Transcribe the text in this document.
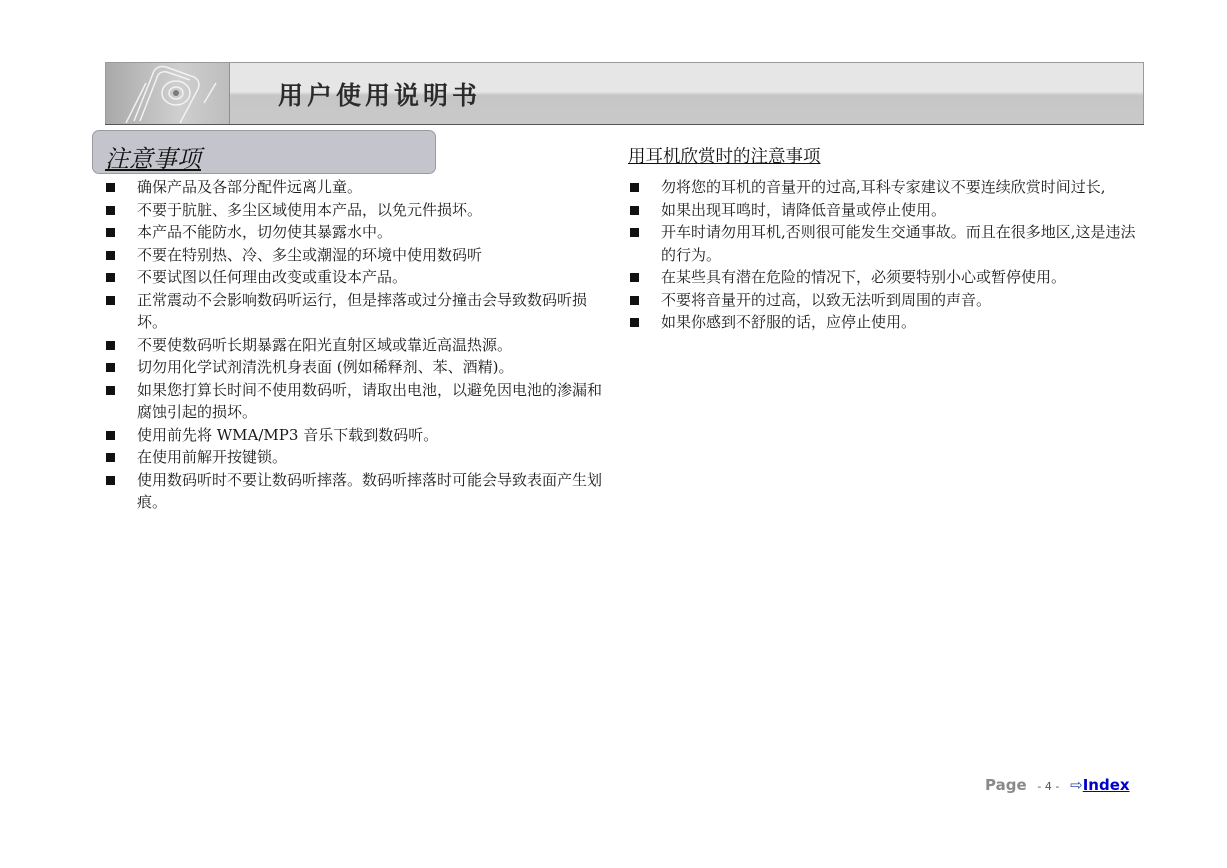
用户使用说明书
注意事项
确保产品及各部分配件远离儿童。
不要于肮脏、多尘区域使用本产品，以免元件损坏。
本产品不能防水，切勿使其暴露水中。
不要在特别热、冷、多尘或潮湿的环境中使用数码听
不要试图以任何理由改变或重设本产品。
正常震动不会影响数码听运行，但是摔落或过分撞击会导致数码听损坏。
不要使数码听长期暴露在阳光直射区域或靠近高温热源。
切勿用化学试剂清洗机身表面 (例如稀释剂、苯、酒精)。
如果您打算长时间不使用数码听，请取出电池，以避免因电池的渗漏和腐蚀引起的损坏。
使用前先将 WMA/MP3 音乐下载到数码听。
在使用前解开按键锁。
使用数码听时不要让数码听摔落。数码听摔落时可能会导致表面产生划痕。
用耳机欣赏时的注意事项
勿将您的耳机的音量开的过高,耳科专家建议不要连续欣赏时间过长,
如果出现耳鸣时，请降低音量或停止使用。
开车时请勿用耳机,否则很可能发生交通事故。而且在很多地区,这是违法的行为。
在某些具有潜在危险的情况下，必须要特别小心或暂停使用。
不要将音量开的过高，以致无法听到周围的声音。
如果你感到不舒服的话，应停止使用。
Page - 4 - ⇨Index
